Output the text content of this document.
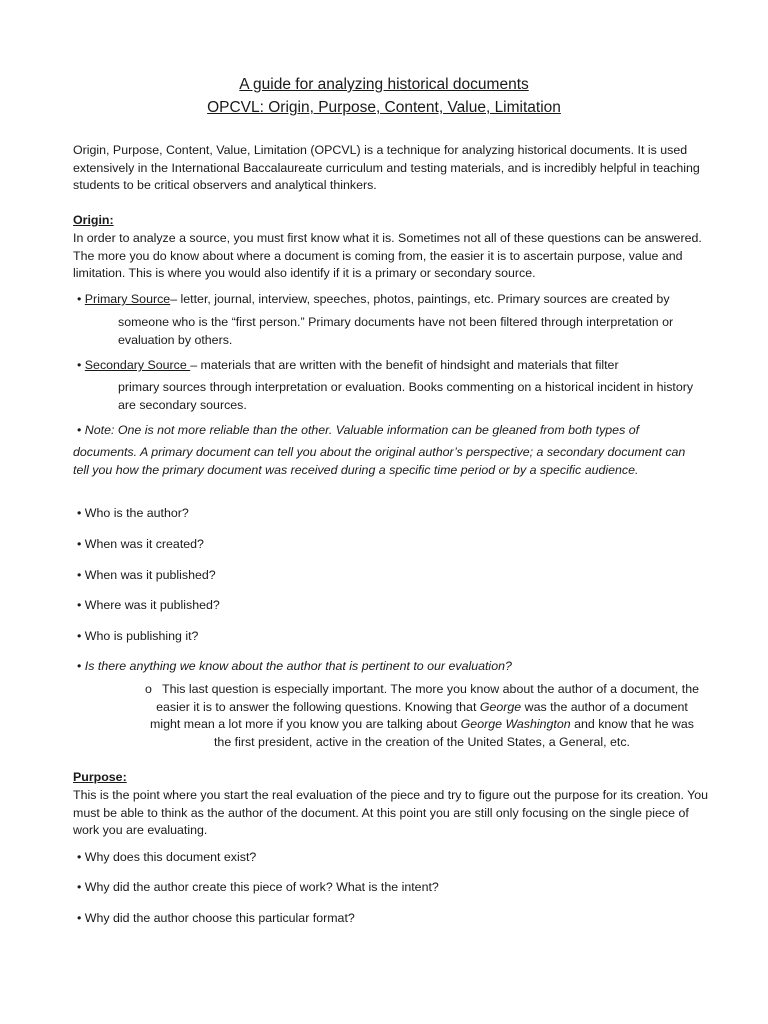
A guide for analyzing historical documents
OPCVL: Origin, Purpose, Content, Value, Limitation
Origin, Purpose, Content, Value, Limitation (OPCVL) is a technique for analyzing historical documents. It is used extensively in the International Baccalaureate curriculum and testing materials, and is incredibly helpful in teaching students to be critical observers and analytical thinkers.
Origin:
In order to analyze a source, you must first know what it is. Sometimes not all of these questions can be answered. The more you do know about where a document is coming from, the easier it is to ascertain purpose, value and limitation. This is where you would also identify if it is a primary or secondary source.
• Primary Source– letter, journal, interview, speeches, photos, paintings, etc. Primary sources are created by
someone who is the “first person.” Primary documents have not been filtered through interpretation or evaluation by others.
• Secondary Source – materials that are written with the benefit of hindsight and materials that filter
primary sources through interpretation or evaluation. Books commenting on a historical incident in history are secondary sources.
• Note: One is not more reliable than the other. Valuable information can be gleaned from both types of
documents. A primary document can tell you about the original author’s perspective; a secondary document can tell you how the primary document was received during a specific time period or by a specific audience.
• Who is the author?
• When was it created?
• When was it published?
• Where was it published?
• Who is publishing it?
• Is there anything we know about the author that is pertinent to our evaluation?
o This last question is especially important. The more you know about the author of a document, the easier it is to answer the following questions. Knowing that George was the author of a document might mean a lot more if you know you are talking about George Washington and know that he was the first president, active in the creation of the United States, a General, etc.
Purpose:
This is the point where you start the real evaluation of the piece and try to figure out the purpose for its creation. You must be able to think as the author of the document. At this point you are still only focusing on the single piece of work you are evaluating.
• Why does this document exist?
• Why did the author create this piece of work? What is the intent?
• Why did the author choose this particular format?
